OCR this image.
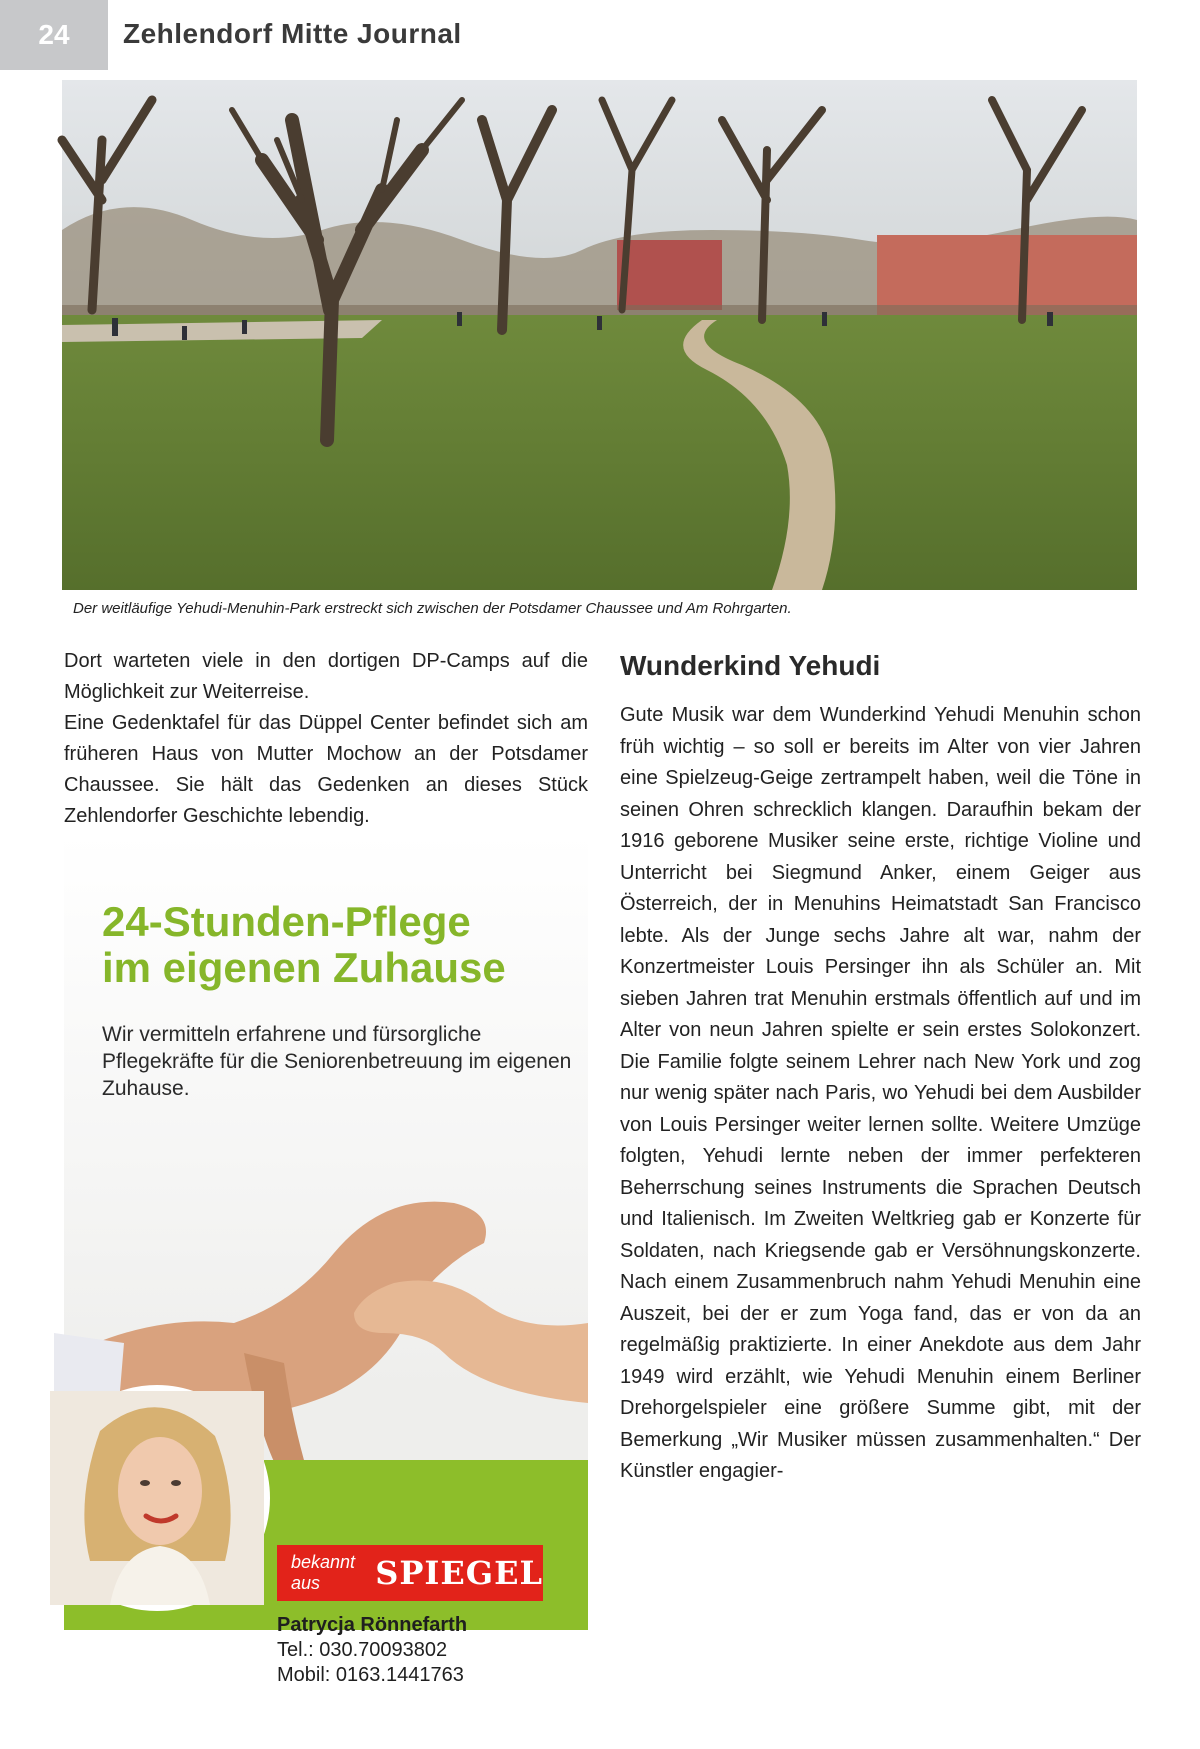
24	Zehlendorf Mitte Journal
Der weitläufige Yehudi-Menuhin-Park erstreckt sich zwischen der Potsdamer Chaussee und Am Rohrgarten.

Dort warteten viele in den dortigen DP-Camps auf die Möglichkeit zur Weiterreise.

Eine Gedenktafel für das Düppel Center befindet sich am früheren Haus von Mutter Mochow an der Potsdamer Chaussee. Sie hält das Gedenken an dieses Stück Zehlendorfer Geschichte lebendig.

24-Stunden-Pflege
im eigenen Zuhause
Wir vermitteln erfahrene und fürsorgliche Pflegekräfte für die Seniorenbetreuung im eigenen Zuhause.
bekannt aus	SPIEGEL
Patrycja Rönnefarth
Tel.: 030.70093802
Mobil: 0163.1441763
www.pflege-aus-leidenschaft.de
Wunderkind Yehudi

Gute Musik war dem Wunderkind Yehudi Menuhin schon früh wichtig – so soll er bereits im Alter von vier Jahren eine Spielzeug-Geige zertrampelt haben, weil die Töne in seinen Ohren schrecklich klangen. Daraufhin bekam der 1916 geborene Musiker seine erste, richtige Violine und Unterricht bei Siegmund Anker, einem Geiger aus Österreich, der in Menuhins Heimatstadt San Francisco lebte. Als der Junge sechs Jahre alt war, nahm der Konzertmeister Louis Persinger ihn als Schüler an. Mit sieben Jahren trat Menuhin erstmals öffentlich auf und im Alter von neun Jahren spielte er sein erstes Solokonzert. Die Familie folgte seinem Lehrer nach New York und zog nur wenig später nach Paris, wo Yehudi bei dem Ausbilder von Louis Persinger weiter lernen sollte. Weitere Umzüge folgten, Yehudi lernte neben der immer perfekteren Beherrschung seines Instruments die Sprachen Deutsch und Italienisch. Im Zweiten Weltkrieg gab er Konzerte für Soldaten, nach Kriegsende gab er Versöhnungskonzerte. Nach einem Zusammenbruch nahm Yehudi Menuhin eine Auszeit, bei der er zum Yoga fand, das er von da an regelmäßig praktizierte. In einer Anekdote aus dem Jahr 1949 wird erzählt, wie Yehudi Menuhin einem Berliner Drehorgelspieler eine größere Summe gibt, mit der Bemerkung „Wir Musiker müssen zusammenhalten.“ Der Künstler engagier-
